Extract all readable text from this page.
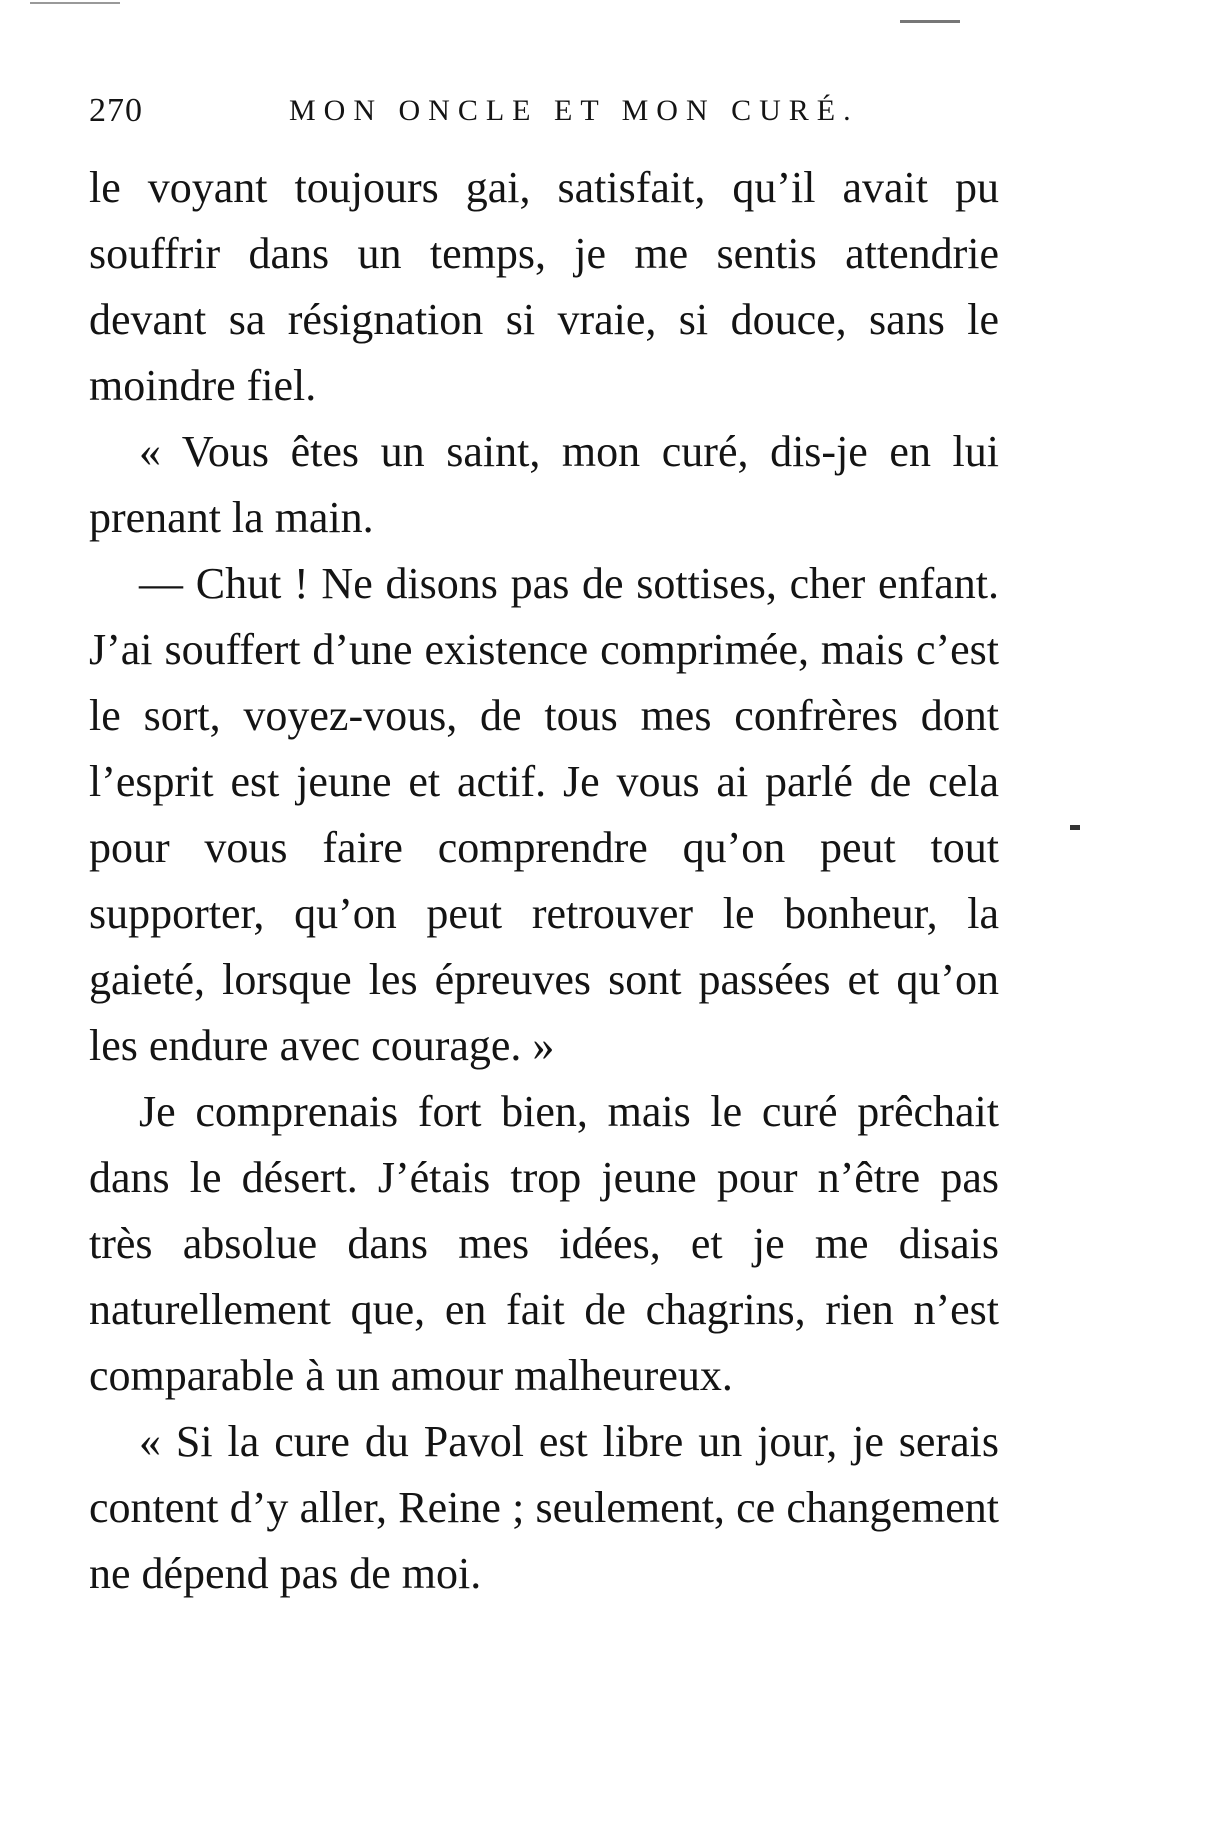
270	MON ONCLE ET MON CURÉ.

le voyant toujours gai, satisfait, qu’il avait pu souffrir dans un temps, je me sentis attendrie devant sa résignation si vraie, si douce, sans le moindre fiel.

« Vous êtes un saint, mon curé, dis-je en lui prenant la main.

— Chut ! Ne disons pas de sottises, cher enfant. J’ai souffert d’une existence comprimée, mais c’est le sort, voyez-vous, de tous mes confrères dont l’esprit est jeune et actif. Je vous ai parlé de cela pour vous faire comprendre qu’on peut tout supporter, qu’on peut retrouver le bonheur, la gaieté, lorsque les épreuves sont passées et qu’on les endure avec courage. »

Je comprenais fort bien, mais le curé prêchait dans le désert. J’étais trop jeune pour n’être pas très absolue dans mes idées, et je me disais naturellement que, en fait de chagrins, rien n’est comparable à un amour malheureux.

« Si la cure du Pavol est libre un jour, je serais content d’y aller, Reine ; seulement, ce changement ne dépend pas de moi.
